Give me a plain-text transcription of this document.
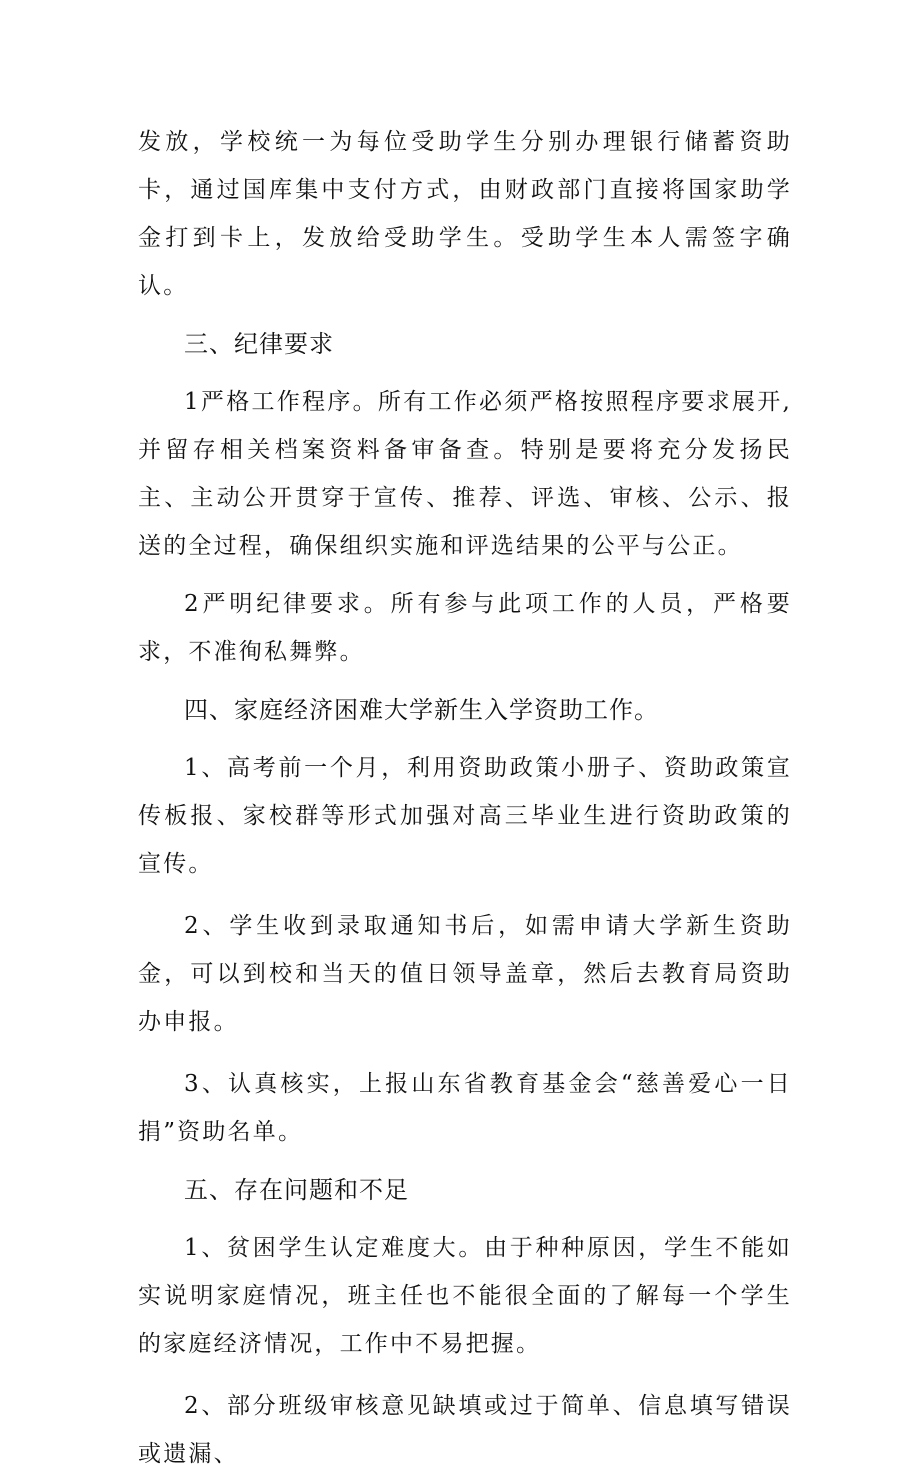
发放，学校统一为每位受助学生分别办理银行储蓄资助卡，通过国库集中支付方式，由财政部门直接将国家助学金打到卡上，发放给受助学生。受助学生本人需签字确认。

三、纪律要求

1严格工作程序。所有工作必须严格按照程序要求展开,并留存相关档案资料备审备查。特别是要将充分发扬民主、主动公开贯穿于宣传、推荐、评选、审核、公示、报送的全过程，确保组织实施和评选结果的公平与公正。

2严明纪律要求。所有参与此项工作的人员，严格要求，不准徇私舞弊。

四、家庭经济困难大学新生入学资助工作。

1、高考前一个月，利用资助政策小册子、资助政策宣传板报、家校群等形式加强对高三毕业生进行资助政策的宣传。

2、学生收到录取通知书后，如需申请大学新生资助金，可以到校和当天的值日领导盖章，然后去教育局资助办申报。

3、认真核实，上报山东省教育基金会“慈善爱心一日捐”资助名单。

五、存在问题和不足

1、贫困学生认定难度大。由于种种原因，学生不能如实说明家庭情况，班主任也不能很全面的了解每一个学生的家庭经济情况，工作中不易把握。

2、部分班级审核意见缺填或过于简单、信息填写错误或遗漏、
